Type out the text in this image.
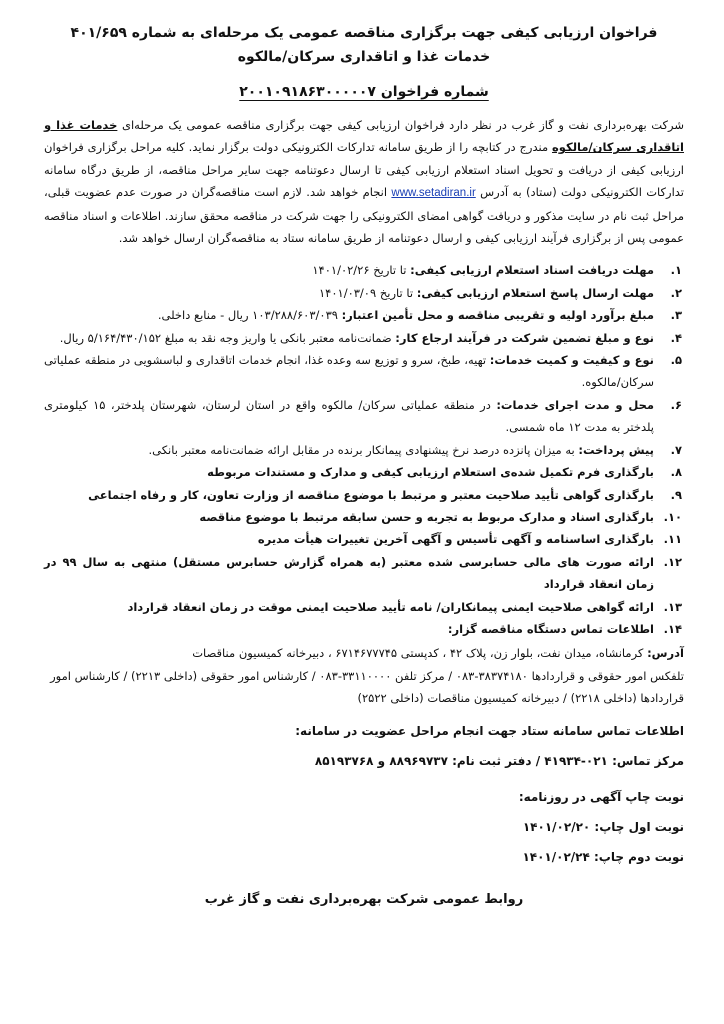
فراخوان ارزیابی کیفی جهت برگزاری مناقصه عمومی یک مرحله‌ای به شماره ۴۰۱/۶۵۹

خدمات غذا و اتاقداری سرکان/مالکوه

شماره فراخوان ۲۰۰۱۰۹۱۸۶۳۰۰۰۰۰۷
شرکت بهره‌برداری نفت و گاز غرب در نظر دارد فراخوان ارزیابی کیفی جهت برگزاری مناقصه عمومی یک مرحله‌ای خدمات غذا و اتاقداری سرکان/مالکوه مندرج در کتابچه را از طریق سامانه تدارکات الکترونیکی دولت برگزار نماید. کلیه مراحل برگزاری فراخوان ارزیابی کیفی از دریافت و تحویل اسناد استعلام ارزیابی کیفی تا ارسال دعوتنامه جهت سایر مراحل مناقصه، از طریق درگاه سامانه تدارکات الکترونیکی دولت (ستاد) به آدرس www.setadiran.ir انجام خواهد شد. لازم است مناقصه‌گران در صورت عدم عضویت قبلی، مراحل ثبت نام در سایت مذکور و دریافت گواهی امضای الکترونیکی را جهت شرکت در مناقصه محقق سازند. اطلاعات و اسناد مناقصه عمومی پس از برگزاری فرآیند ارزیابی کیفی و ارسال دعوتنامه از طریق سامانه ستاد به مناقصه‌گران ارسال خواهد شد.
۱.
مهلت دریافت اسناد استعلام ارزیابی کیفی: تا تاریخ ۱۴۰۱/۰۲/۲۶
۲.
مهلت ارسال پاسخ استعلام ارزیابی کیفی: تا تاریخ ۱۴۰۱/۰۳/۰۹
۳.
مبلغ برآورد اولیه و تقریبی مناقصه و محل تأمین اعتبار: ۱۰۳/۲۸۸/۶۰۳/۰۳۹ ریال - منابع داخلی.
۴.
نوع و مبلغ تضمین شرکت در فرآیند ارجاع کار: ضمانت‌نامه معتبر بانکی یا واریز وجه نقد به مبلغ ۵/۱۶۴/۴۳۰/۱۵۲ ریال.
۵.
نوع و کیفیت و کمیت خدمات: تهیه، طبخ، سرو و توزیع سه وعده غذا، انجام خدمات اتاقداری و لباسشویی در منطقه عملیاتی سرکان/مالکوه.
۶.
محل و مدت اجرای خدمات: در منطقه عملیاتی سرکان/ مالکوه واقع در استان لرستان، شهرستان پلدختر، ۱۵ کیلومتری پلدختر به مدت ۱۲ ماه شمسی.
۷.
پیش پرداخت: به میزان پانزده درصد نرخ پیشنهادی پیمانکار برنده در مقابل ارائه ضمانت‌نامه معتبر بانکی.
۸.
بارگذاری فرم تکمیل شده‌ی استعلام ارزیابی کیفی و مدارک و مستندات مربوطه
۹.
بارگذاری گواهی تأیید صلاحیت معتبر و مرتبط با موضوع مناقصه از وزارت تعاون، کار و رفاه اجتماعی
۱۰.
بارگذاری اسناد و مدارک مربوط به تجربه و حسن سابقه مرتبط با موضوع مناقصه
۱۱.
بارگذاری اساسنامه و آگهی تأسیس و آگهی آخرین تغییرات هیأت مدیره
۱۲.
ارائه صورت های مالی حسابرسی شده معتبر (به همراه گزارش حسابرس مستقل) منتهی به سال ۹۹ در زمان انعقاد قرارداد
۱۳.
ارائه گواهی صلاحیت ایمنی پیمانکاران/ نامه تأیید صلاحیت ایمنی موقت در زمان انعقاد قرارداد
۱۴.
اطلاعات تماس دستگاه مناقصه گزار:
آدرس: کرمانشاه، میدان نفت، بلوار زن، پلاک ۴۲ ، کدپستی ۶۷۱۴۶۷۷۷۴۵ ، دبیرخانه کمیسیون مناقصات
تلفکس امور حقوقی و قراردادها ۳۸۳۷۴۱۸۰-۰۸۳ / مرکز تلفن ۳۳۱۱۰۰۰۰-۰۸۳ / کارشناس امور حقوقی (داخلی ۲۲۱۳) / کارشناس امور قراردادها (داخلی ۲۲۱۸) / دبیرخانه کمیسیون مناقصات (داخلی ۲۵۲۲)
اطلاعات تماس سامانه ستاد جهت انجام مراحل عضویت در سامانه:
مرکز تماس: ۰۲۱-۴۱۹۳۴ / دفتر ثبت نام: ۸۸۹۶۹۷۳۷ و ۸۵۱۹۳۷۶۸
نوبت چاپ آگهی در روزنامه:
نوبت اول چاپ: ۱۴۰۱/۰۲/۲۰
نوبت دوم چاپ: ۱۴۰۱/۰۲/۲۴
روابط عمومی شرکت بهره‌برداری نفت و گاز غرب
